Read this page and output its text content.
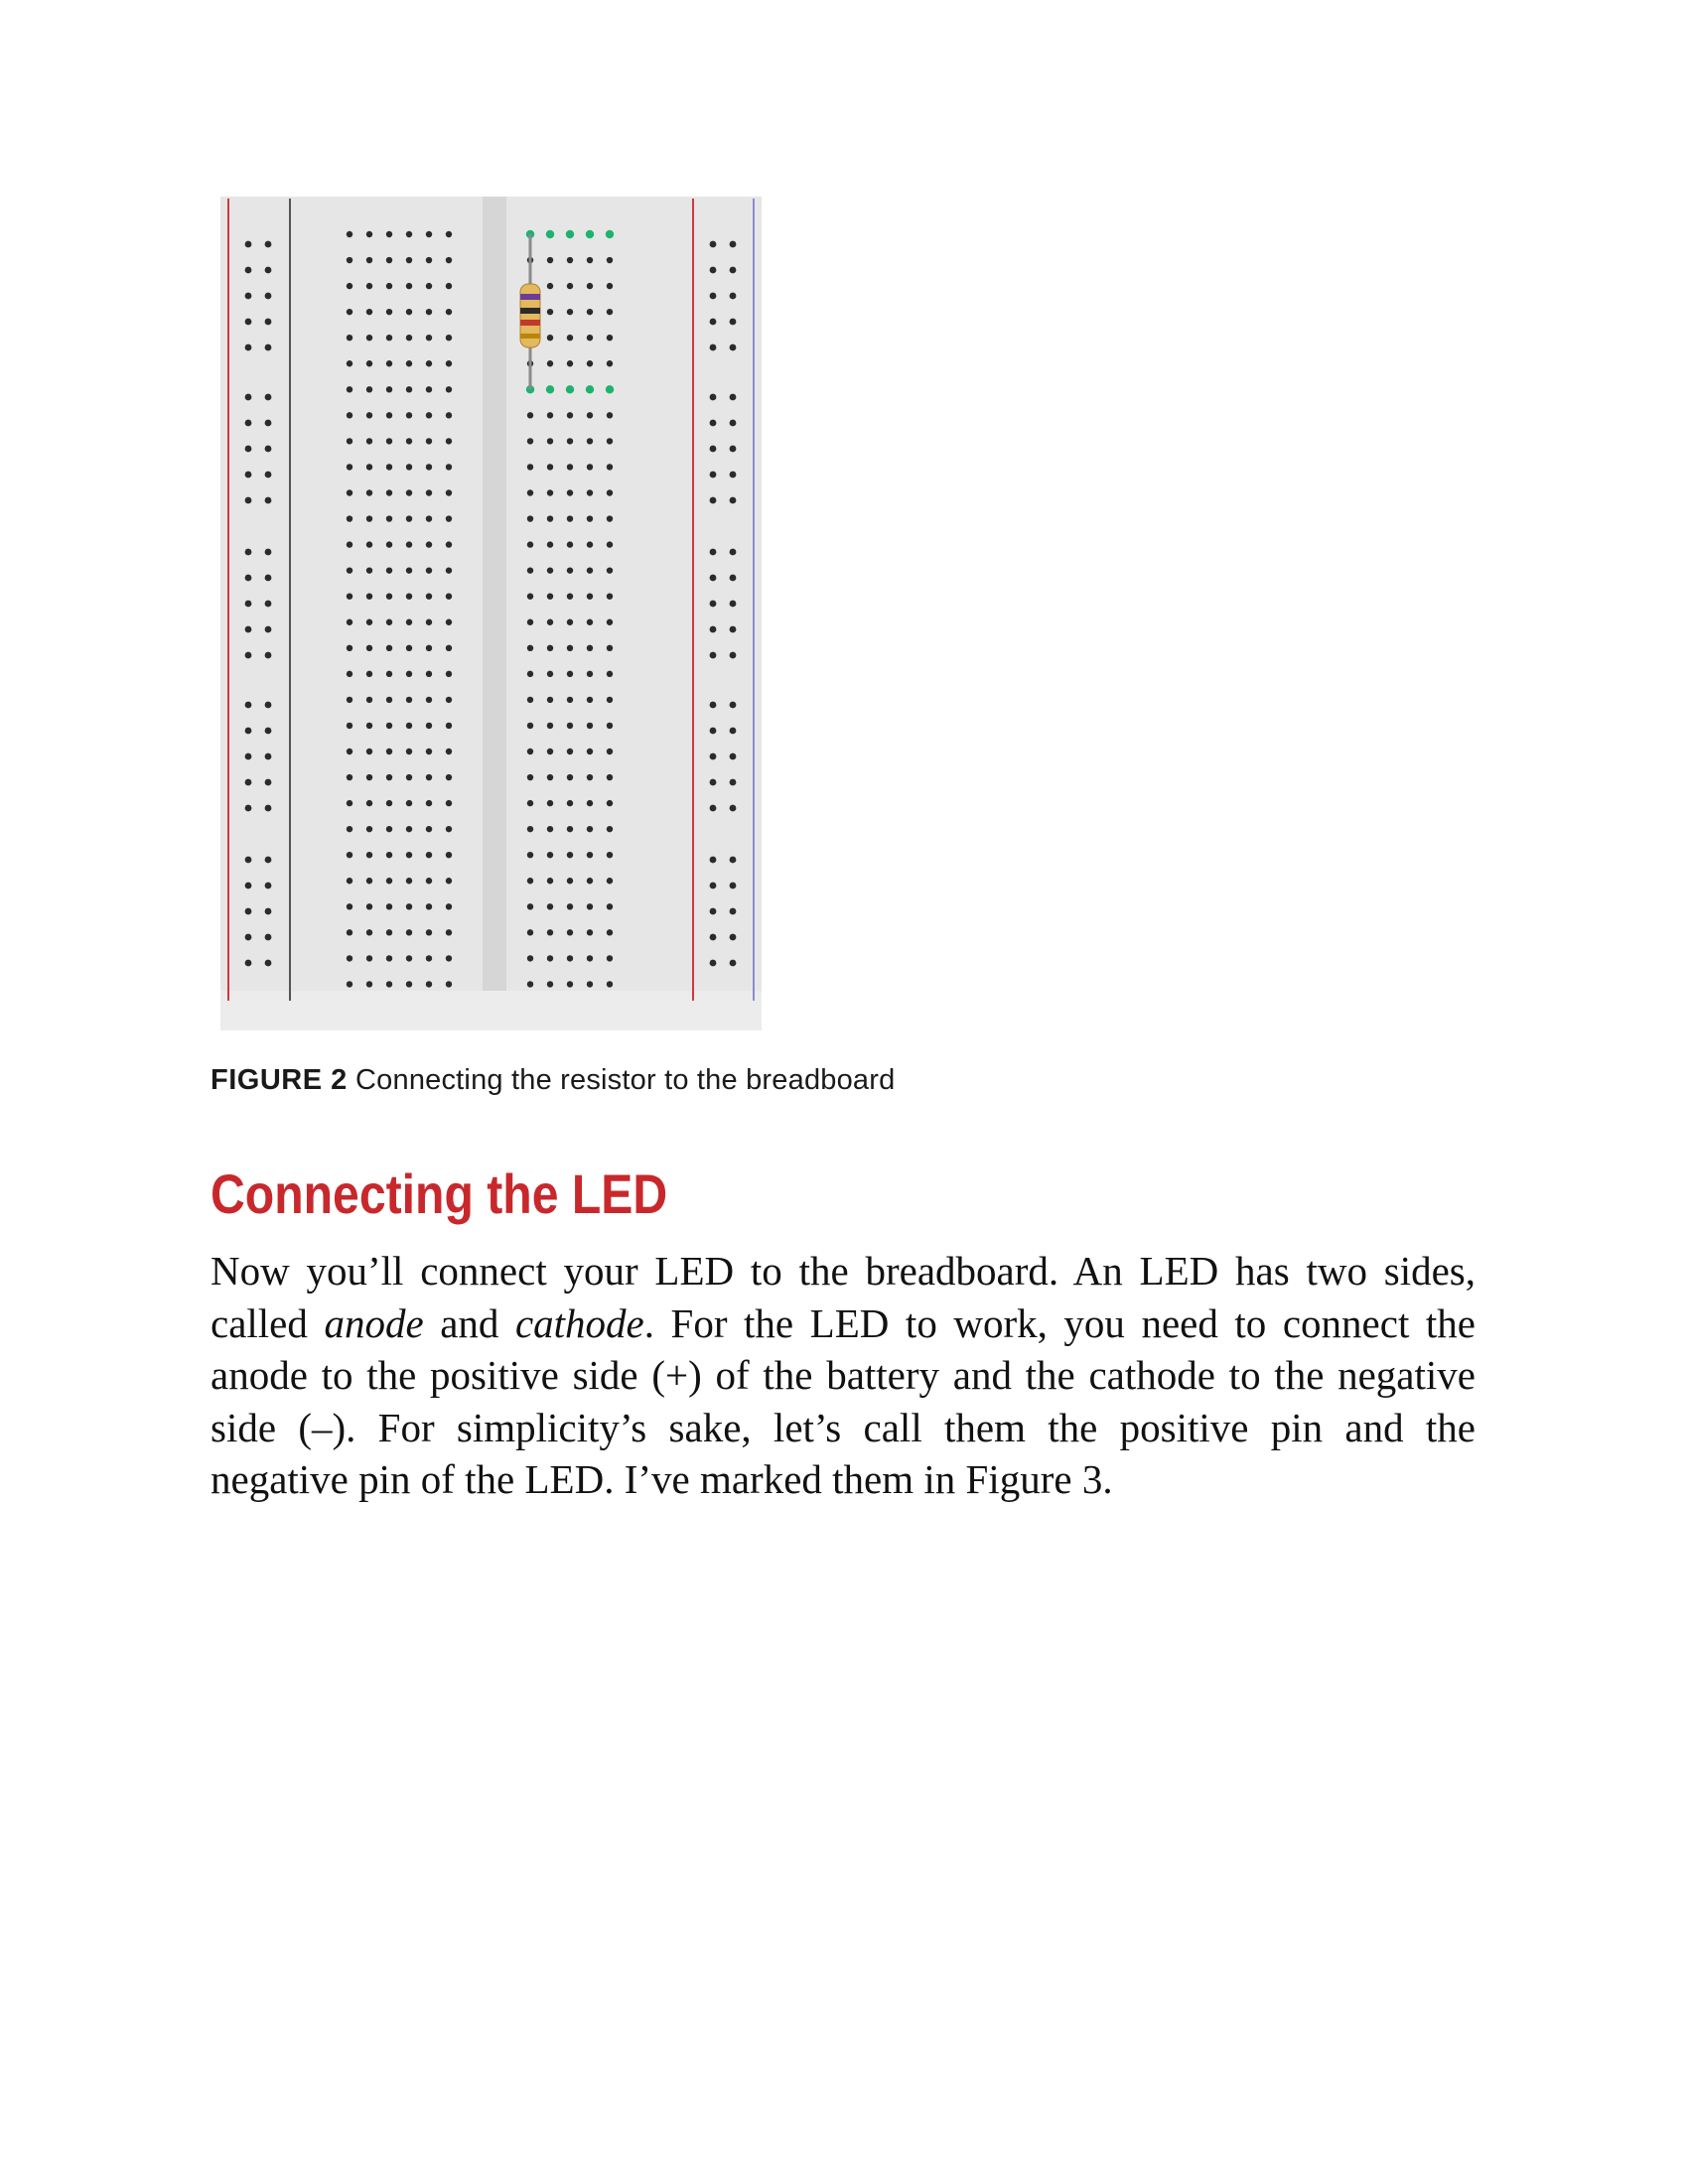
FIGURE 2 Connecting the resistor to the breadboard
Connecting the LED

Now you’ll connect your LED to the breadboard. An LED has two sides, called anode and cathode. For the LED to work, you need to connect the anode to the positive side (+) of the battery and the cathode to the negative side (–). For simplicity’s sake, let’s call them the positive pin and the negative pin of the LED. I’ve marked them in Figure 3.
